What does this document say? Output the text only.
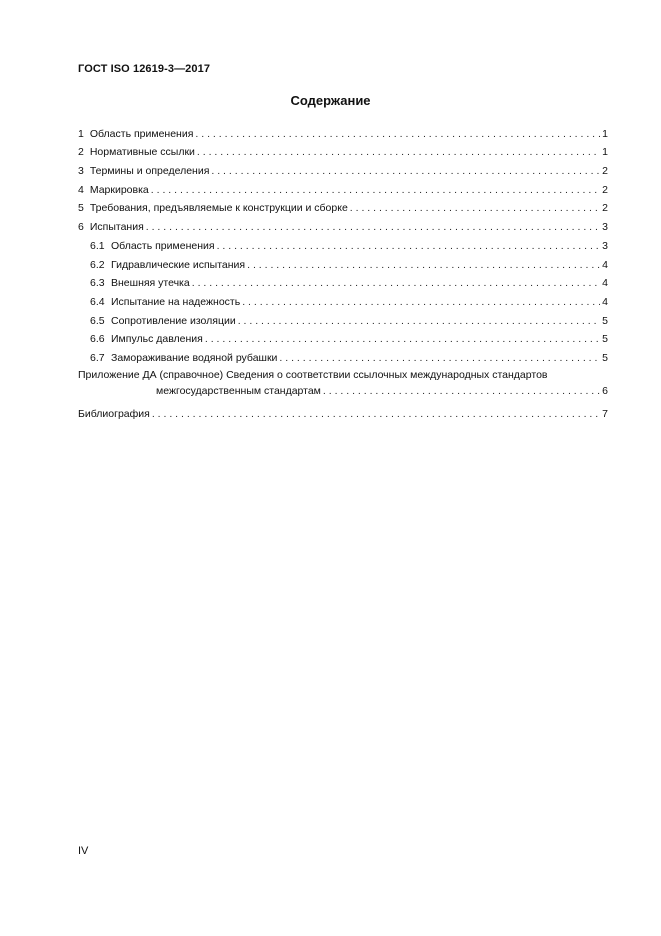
ГОСТ ISO 12619-3—2017
Содержание
1 Область применения . . .	1
2 Нормативные ссылки . . .	1
3 Термины и определения . . .	2
4 Маркировка . . .	2
5 Требования, предъявляемые к конструкции и сборке . . .	2
6 Испытания . . .	3
6.1 Область применения . . .	3
6.2 Гидравлические испытания . . .	4
6.3 Внешняя утечка . . .	4
6.4 Испытание на надежность . . .	4
6.5 Сопротивление изоляции . . .	5
6.6 Импульс давления . . .	5
6.7 Замораживание водяной рубашки . . .	5
Приложение ДА (справочное) Сведения о соответствии ссылочных международных стандартов
межгосударственным стандартам . . .	6
Библиография . . .	7
IV
